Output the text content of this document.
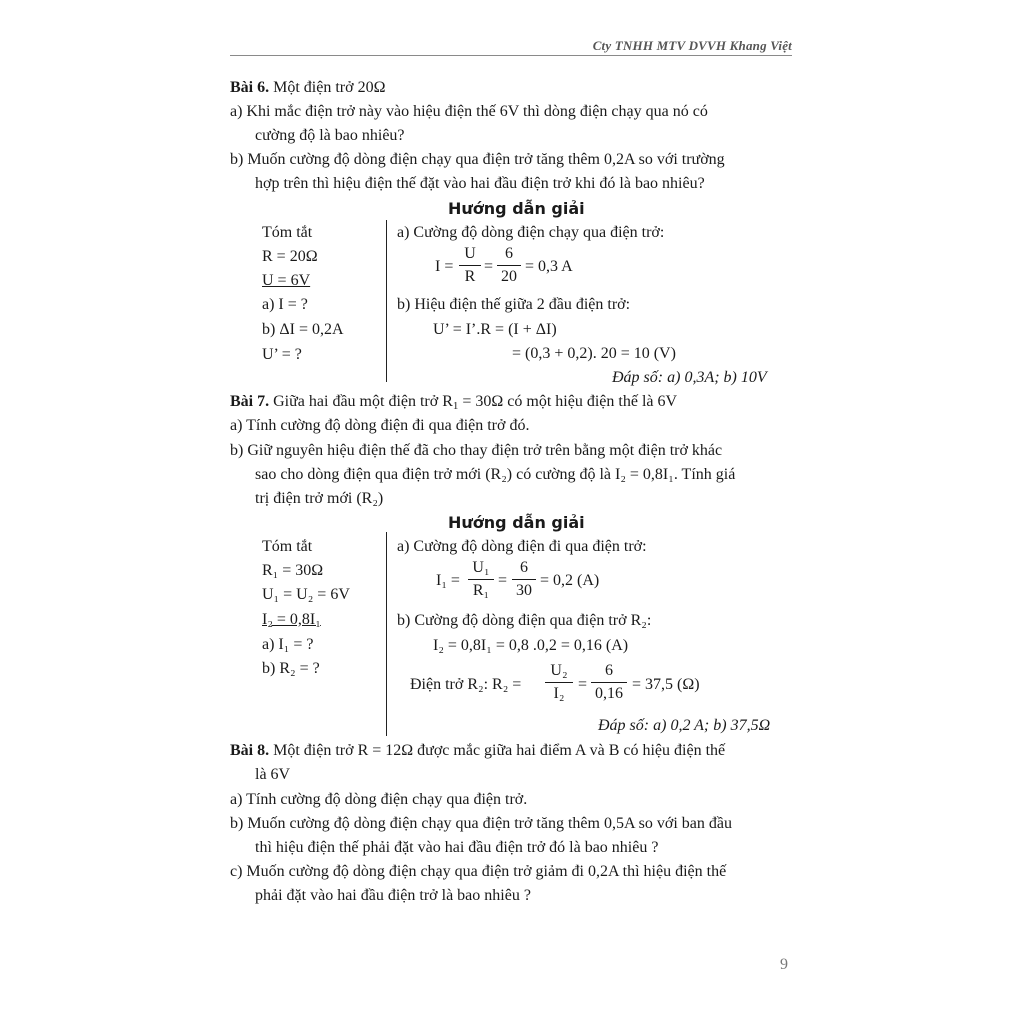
Cty TNHH MTV DVVH Khang Việt
Bài 6. Một điện trở 20Ω
a) Khi mắc điện trở này vào hiệu điện thế 6V thì dòng điện chạy qua nó có
cường độ là bao nhiêu?
b) Muốn cường độ dòng điện chạy qua điện trở tăng thêm 0,2A so với trường
hợp trên thì hiệu điện thế đặt vào hai đầu điện trở khi đó là bao nhiêu?
Hướng dẫn giải
Tóm tắt
R = 20Ω
U = 6V
a) I = ?
b) ΔI = 0,2A
U’ = ?
a) Cường độ dòng điện chạy qua điện trở:
I =
U
R
=
6
20
= 0,3 A
b) Hiệu điện thế giữa 2 đầu điện trở:
U’ = I’.R = (I + ΔI)
= (0,3 + 0,2). 20 = 10 (V)
Đáp số: a) 0,3A; b) 10V
Bài 7. Giữa hai đầu một điện trở $R_1 = 30\Omega$ có một hiệu điện thế là 6V
a) Tính cường độ dòng điện đi qua điện trở đó.
b) Giữ nguyên hiệu điện thế đã cho thay điện trở trên bằng một điện trở khác
sao cho dòng điện qua điện trở mới (R₂) có cường độ là I₂ = 0,8I₁. Tính giá
trị điện trở mới (R₂)
Hướng dẫn giải
Tóm tắt
R₁ = 30Ω
U₁ = U₂ = 6V
I₂ = 0,8I₁
a) I₁ = ?
b) R₂ = ?
a) Cường độ dòng điện đi qua điện trở:
I₁ =
U₁
R₁
=
6
30
= 0,2 (A)
b) Cường độ dòng điện qua điện trở R₂:
I₂ = 0,8I₁ = 0,8 .0,2 = 0,16 (A)
Điện trở R₂: R₂ =
U₂
I₂
=
6
0,16
= 37,5 (Ω)
Đáp số: a) 0,2 A; b) 37,5Ω
Bài 8. Một điện trở R = 12Ω được mắc giữa hai điểm A và B có hiệu điện thế
là 6V
a) Tính cường độ dòng điện chạy qua điện trở.
b) Muốn cường độ dòng điện chạy qua điện trở tăng thêm 0,5A so với ban đầu
thì hiệu điện thế phải đặt vào hai đầu điện trở đó là bao nhiêu ?
c) Muốn cường độ dòng điện chạy qua điện trở giảm đi 0,2A thì hiệu điện thế
phải đặt vào hai đầu điện trở là bao nhiêu ?
9
